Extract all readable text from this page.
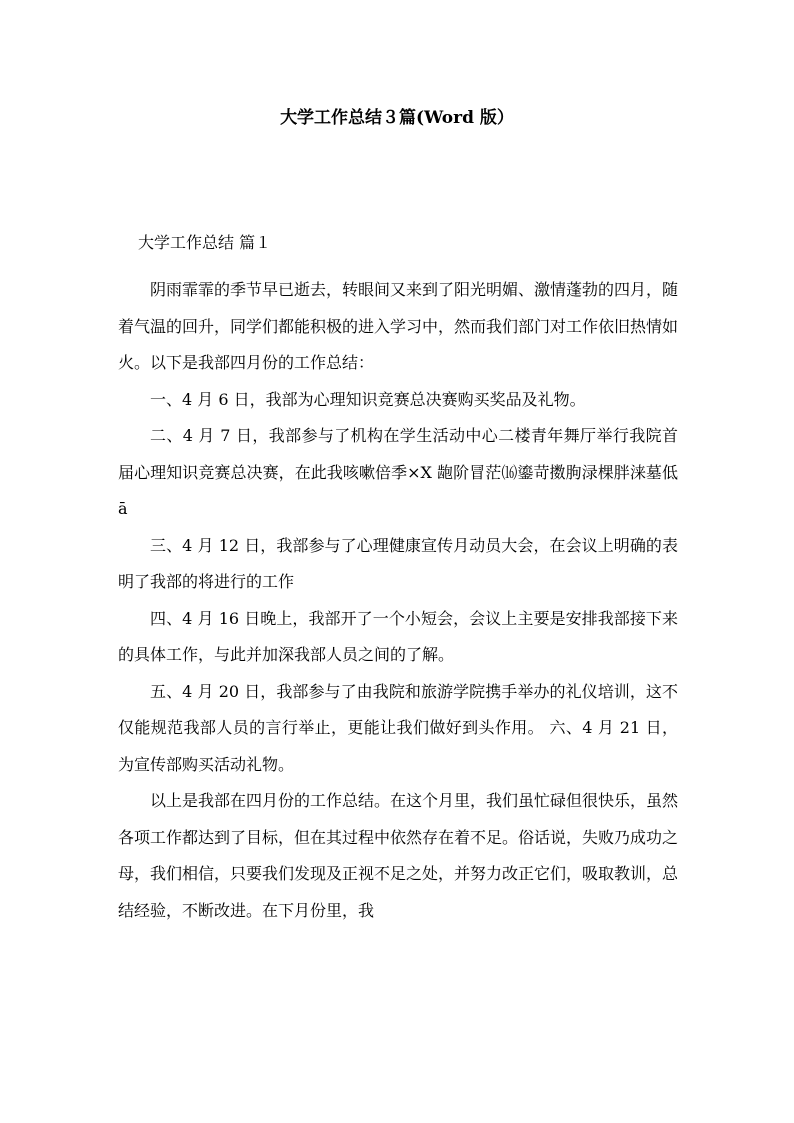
大学工作总结３篇(Word 版）
大学工作总结 篇１

阴雨霏霏的季节早已逝去，转眼间又来到了阳光明媚、激情蓬勃的四月，随着气温的回升，同学们都能积极的进入学习中，然而我们部门对工作依旧热情如火。以下是我部四月份的工作总结：

一、4 月 6 日，我部为心理知识竞赛总决赛购买奖品及礼物。

二、4 月 7 日，我部参与了机构在学生活动中心二楼青年舞厅举行我院首届心理知识竞赛总决赛，在此我咳嗽倍季×X 龅阶冒茫⒃鎏苛擞朐渌棵胖涞墓低ā

三、4 月 12 日，我部参与了心理健康宣传月动员大会，在会议上明确的表明了我部的将进行的工作

四、4 月 16 日晚上，我部开了一个小短会，会议上主要是安排我部接下来的具体工作，与此并加深我部人员之间的了解。

五、4 月 20 日，我部参与了由我院和旅游学院携手举办的礼仪培训，这不仅能规范我部人员的言行举止，更能让我们做好到头作用。 六、4 月 21 日，为宣传部购买活动礼物。

以上是我部在四月份的工作总结。在这个月里，我们虽忙碌但很快乐，虽然各项工作都达到了目标，但在其过程中依然存在着不足。俗话说，失败乃成功之母，我们相信，只要我们发现及正视不足之处，并努力改正它们，吸取教训，总结经验，不断改进。在下月份里，我
